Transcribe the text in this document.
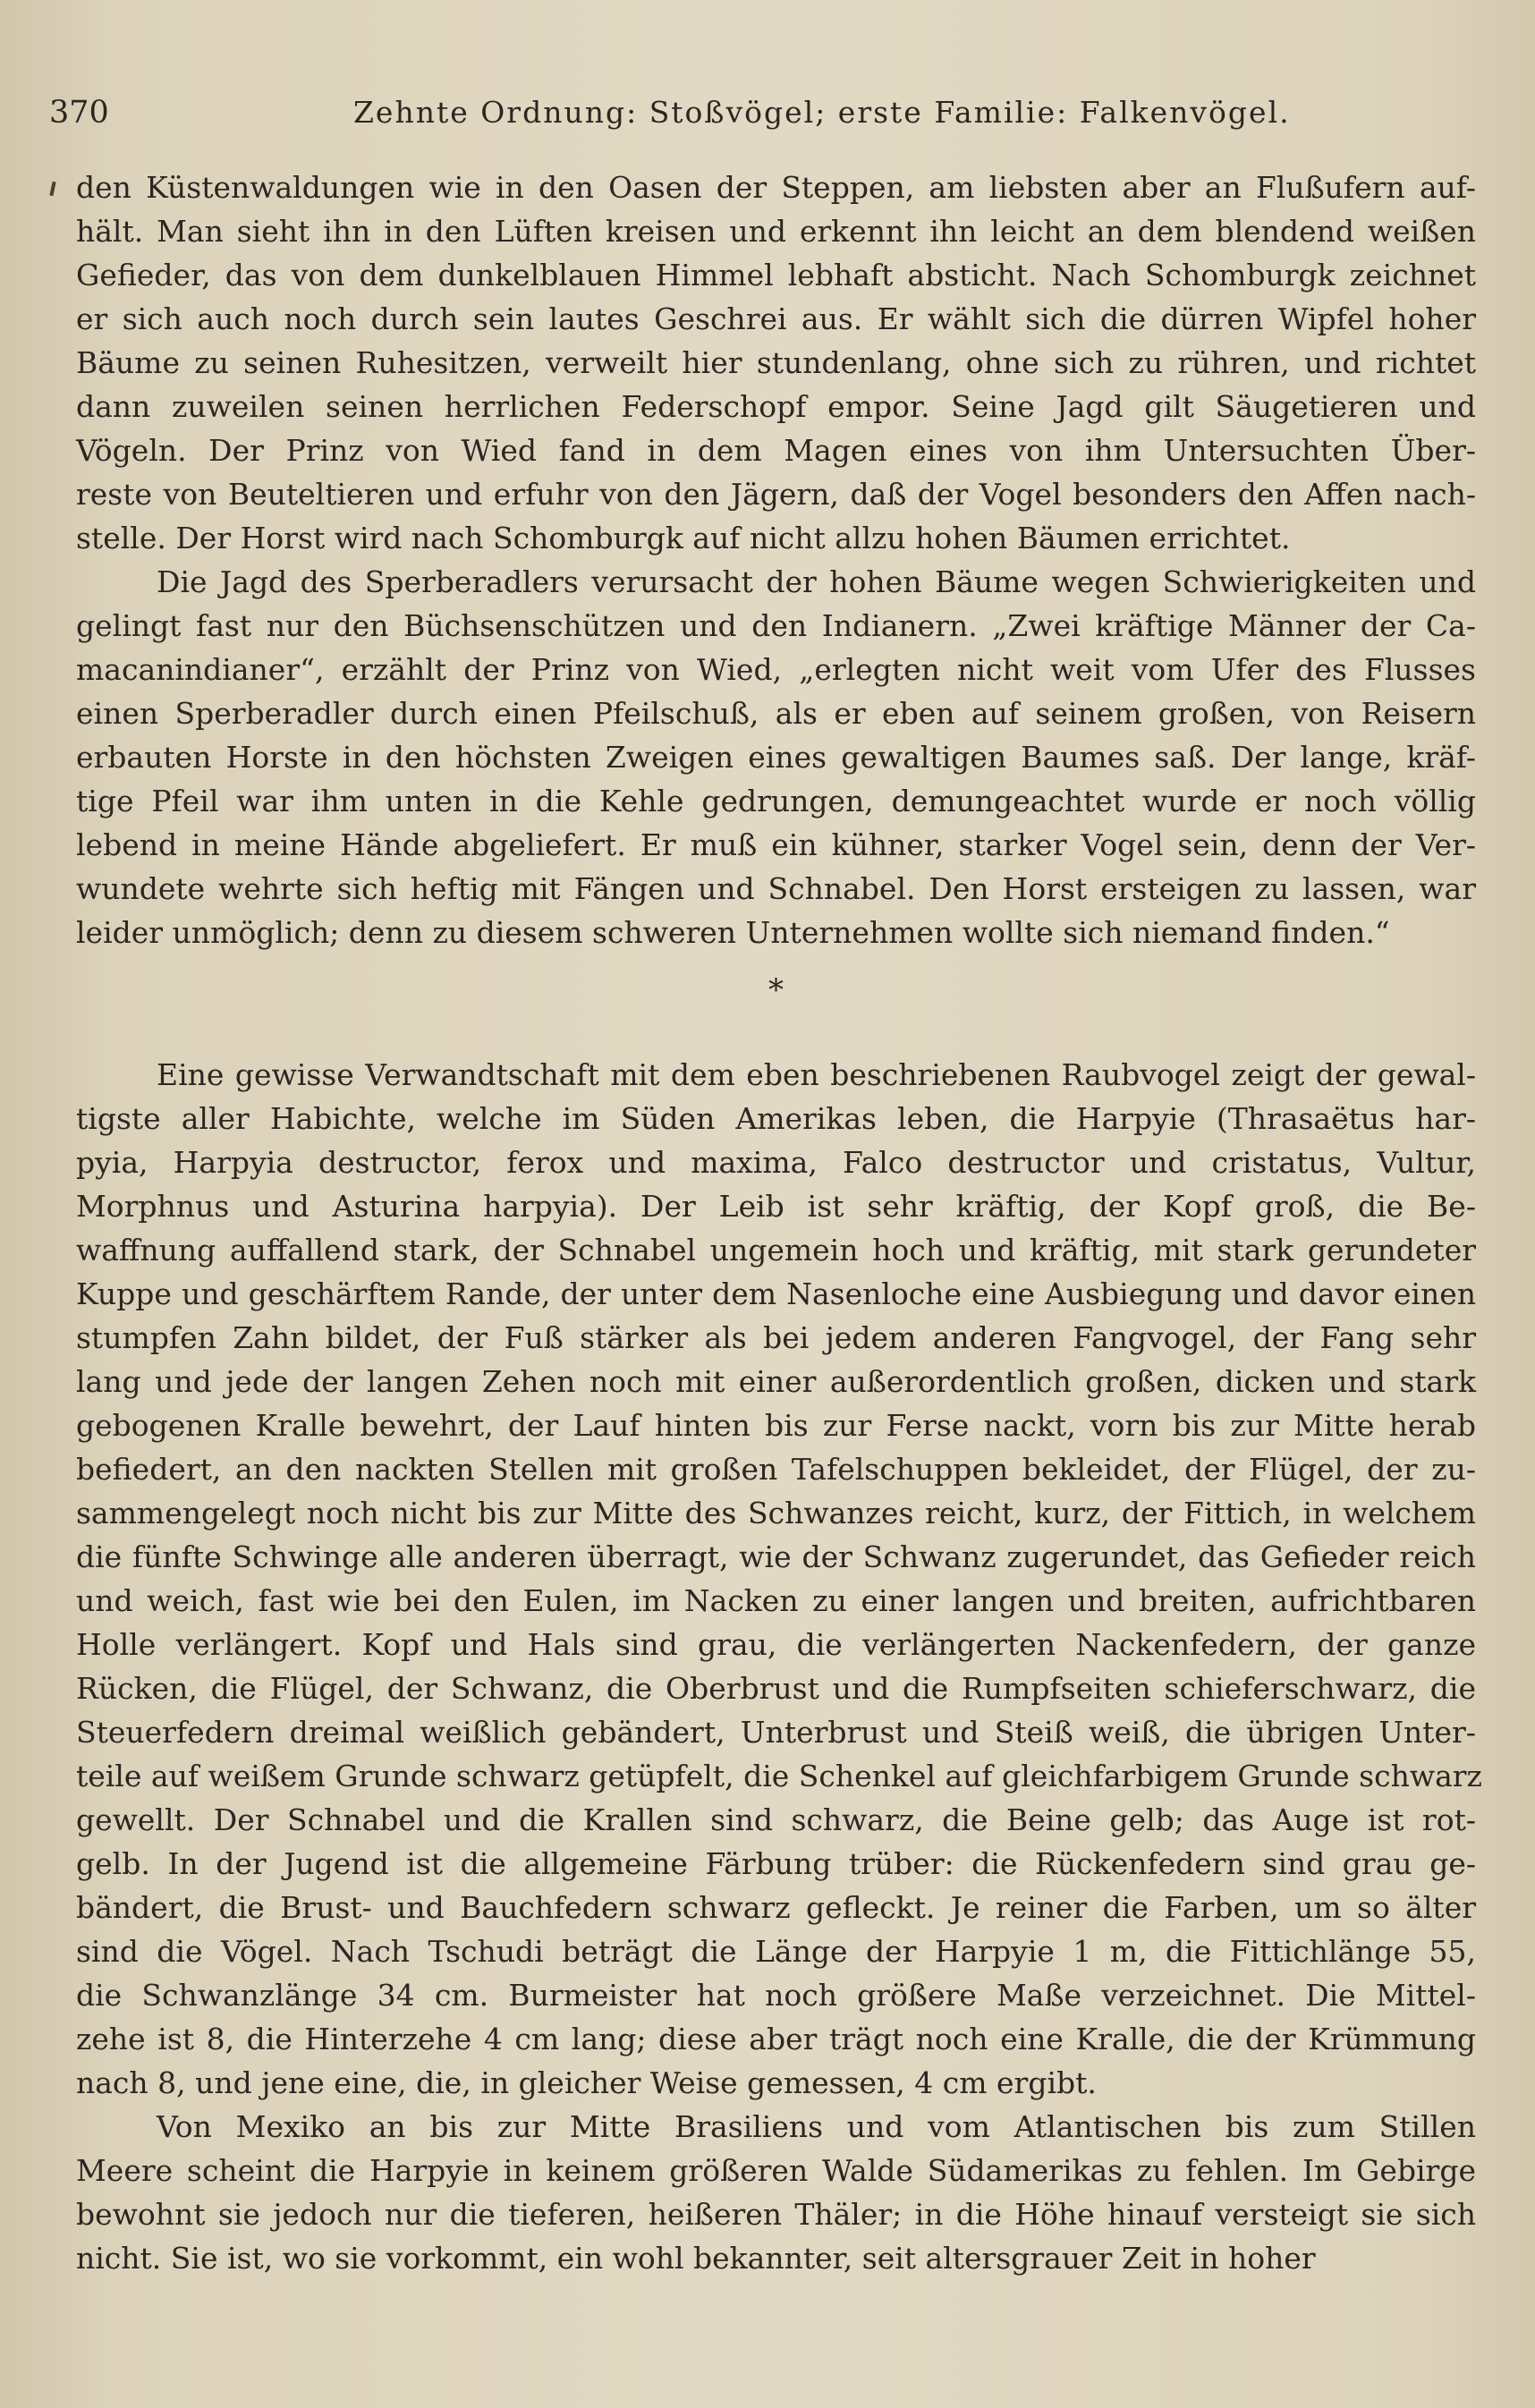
370	Zehnte Ordnung: Stoßvögel; erste Familie: Falkenvögel.
den Küstenwaldungen wie in den Oasen der Steppen, am liebsten aber an Flußufern auf-
hält. Man sieht ihn in den Lüften kreisen und erkennt ihn leicht an dem blendend weißen
Gefieder, das von dem dunkelblauen Himmel lebhaft absticht. Nach Schomburgk zeichnet
er sich auch noch durch sein lautes Geschrei aus. Er wählt sich die dürren Wipfel hoher
Bäume zu seinen Ruhesitzen, verweilt hier stundenlang, ohne sich zu rühren, und richtet
dann zuweilen seinen herrlichen Federschopf empor. Seine Jagd gilt Säugetieren und
Vögeln. Der Prinz von Wied fand in dem Magen eines von ihm Untersuchten Über-
reste von Beuteltieren und erfuhr von den Jägern, daß der Vogel besonders den Affen nach-
stelle. Der Horst wird nach Schomburgk auf nicht allzu hohen Bäumen errichtet.
Die Jagd des Sperberadlers verursacht der hohen Bäume wegen Schwierigkeiten und
gelingt fast nur den Büchsenschützen und den Indianern. „Zwei kräftige Männer der Ca-
macanindianer“, erzählt der Prinz von Wied, „erlegten nicht weit vom Ufer des Flusses
einen Sperberadler durch einen Pfeilschuß, als er eben auf seinem großen, von Reisern
erbauten Horste in den höchsten Zweigen eines gewaltigen Baumes saß. Der lange, kräf-
tige Pfeil war ihm unten in die Kehle gedrungen, demungeachtet wurde er noch völlig
lebend in meine Hände abgeliefert. Er muß ein kühner, starker Vogel sein, denn der Ver-
wundete wehrte sich heftig mit Fängen und Schnabel. Den Horst ersteigen zu lassen, war
leider unmöglich; denn zu diesem schweren Unternehmen wollte sich niemand finden.“
*
Eine gewisse Verwandtschaft mit dem eben beschriebenen Raubvogel zeigt der gewal-
tigste aller Habichte, welche im Süden Amerikas leben, die Harpyie (Thrasaëtus har-
pyia, Harpyia destructor, ferox und maxima, Falco destructor und cristatus, Vultur,
Morphnus und Asturina harpyia). Der Leib ist sehr kräftig, der Kopf groß, die Be-
waffnung auffallend stark, der Schnabel ungemein hoch und kräftig, mit stark gerundeter
Kuppe und geschärftem Rande, der unter dem Nasenloche eine Ausbiegung und davor einen
stumpfen Zahn bildet, der Fuß stärker als bei jedem anderen Fangvogel, der Fang sehr
lang und jede der langen Zehen noch mit einer außerordentlich großen, dicken und stark
gebogenen Kralle bewehrt, der Lauf hinten bis zur Ferse nackt, vorn bis zur Mitte herab
befiedert, an den nackten Stellen mit großen Tafelschuppen bekleidet, der Flügel, der zu-
sammengelegt noch nicht bis zur Mitte des Schwanzes reicht, kurz, der Fittich, in welchem
die fünfte Schwinge alle anderen überragt, wie der Schwanz zugerundet, das Gefieder reich
und weich, fast wie bei den Eulen, im Nacken zu einer langen und breiten, aufrichtbaren
Holle verlängert. Kopf und Hals sind grau, die verlängerten Nackenfedern, der ganze
Rücken, die Flügel, der Schwanz, die Oberbrust und die Rumpfseiten schieferschwarz, die
Steuerfedern dreimal weißlich gebändert, Unterbrust und Steiß weiß, die übrigen Unter-
teile auf weißem Grunde schwarz getüpfelt, die Schenkel auf gleichfarbigem Grunde schwarz
gewellt. Der Schnabel und die Krallen sind schwarz, die Beine gelb; das Auge ist rot-
gelb. In der Jugend ist die allgemeine Färbung trüber: die Rückenfedern sind grau ge-
bändert, die Brust- und Bauchfedern schwarz gefleckt. Je reiner die Farben, um so älter
sind die Vögel. Nach Tschudi beträgt die Länge der Harpyie 1 m, die Fittichlänge 55,
die Schwanzlänge 34 cm. Burmeister hat noch größere Maße verzeichnet. Die Mittel-
zehe ist 8, die Hinterzehe 4 cm lang; diese aber trägt noch eine Kralle, die der Krümmung
nach 8, und jene eine, die, in gleicher Weise gemessen, 4 cm ergibt.
Von Mexiko an bis zur Mitte Brasiliens und vom Atlantischen bis zum Stillen
Meere scheint die Harpyie in keinem größeren Walde Südamerikas zu fehlen. Im Gebirge
bewohnt sie jedoch nur die tieferen, heißeren Thäler; in die Höhe hinauf versteigt sie sich
nicht. Sie ist, wo sie vorkommt, ein wohl bekannter, seit altersgrauer Zeit in hoher
